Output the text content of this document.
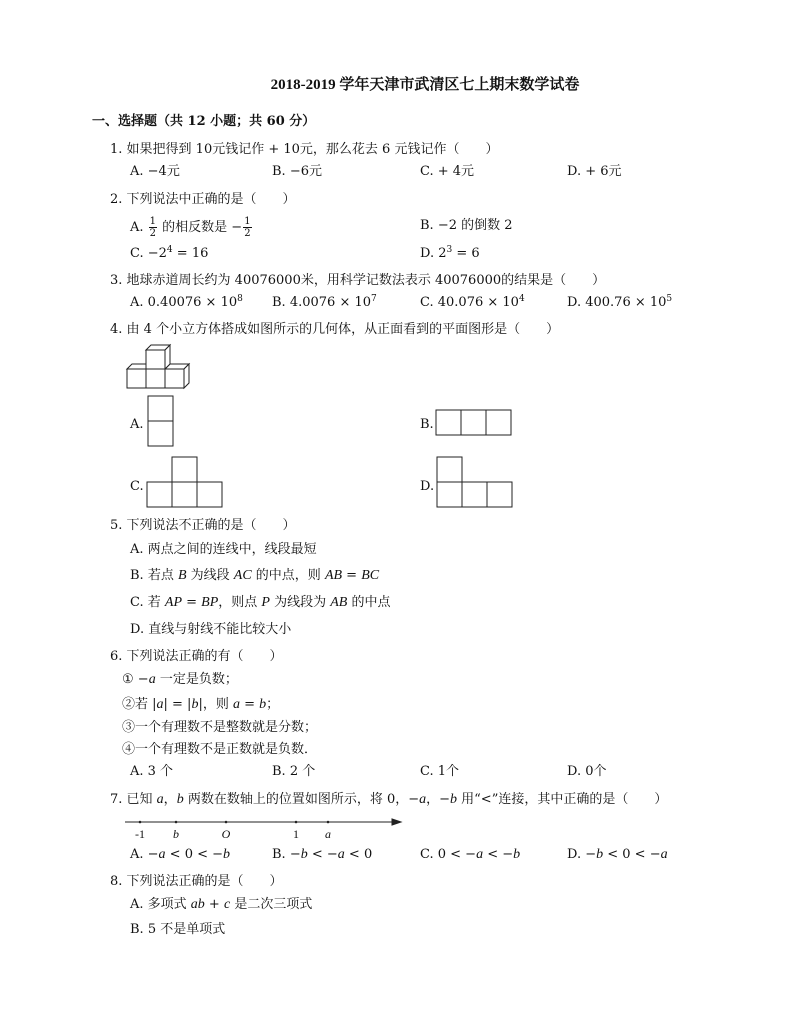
2018-2019 学年天津市武清区七上期末数学试卷
一、选择题（共 12 小题；共 60 分）
1. 如果把得到 10元钱记作 + 10元，那么花去 6 元钱记作（　　）
A. −4元	B. −6元	C. + 4元	D. + 6元
2. 下列说法中正确的是（　　）
A. $\frac{1}{2}$ 的相反数是 − $\frac{1}{2}$	B. −2 的倒数 2
C. $-2^4 = 16$	D. $2^3 = 6$
3. 地球赤道周长约为 40076000米，用科学记数法表示 40076000的结果是（　　）
A. $0.40076 \times 10^8$ B. $4.0076 \times 10^7$	C. $40.076 \times 10^4$	D. $400.76 \times 10^5$
4. 由 4 个小立方体搭成如图所示的几何体，从正面看到的平面图形是（　　）
A.	B.
C.	D.
5. 下列说法不正确的是（　　）
A. 两点之间的连线中，线段最短
B. 若点 B 为线段 AC 的中点，则 AB = BC
C. 若 AP = BP，则点 P 为线段为 AB 的中点
D. 直线与射线不能比较大小
6. 下列说法正确的有（　　）
① −a 一定是负数；
②若 |a| = |b|，则 a = b；
③一个有理数不是整数就是分数；
④一个有理数不是正数就是负数．
A. 3 个	B. 2 个	C. 1个	D. 0个
7. 已知 a，b 两数在数轴上的位置如图所示，将 0，−a，−b 用“<”连接，其中正确的是（　　）
-1 b	O	1 a
A. −a < 0 < −b	B. −b < −a < 0	C. 0 < −a < −b	D. −b < 0 < −a
8. 下列说法正确的是（　　）
A. 多项式 ab + c 是二次三项式
B. 5 不是单项式
